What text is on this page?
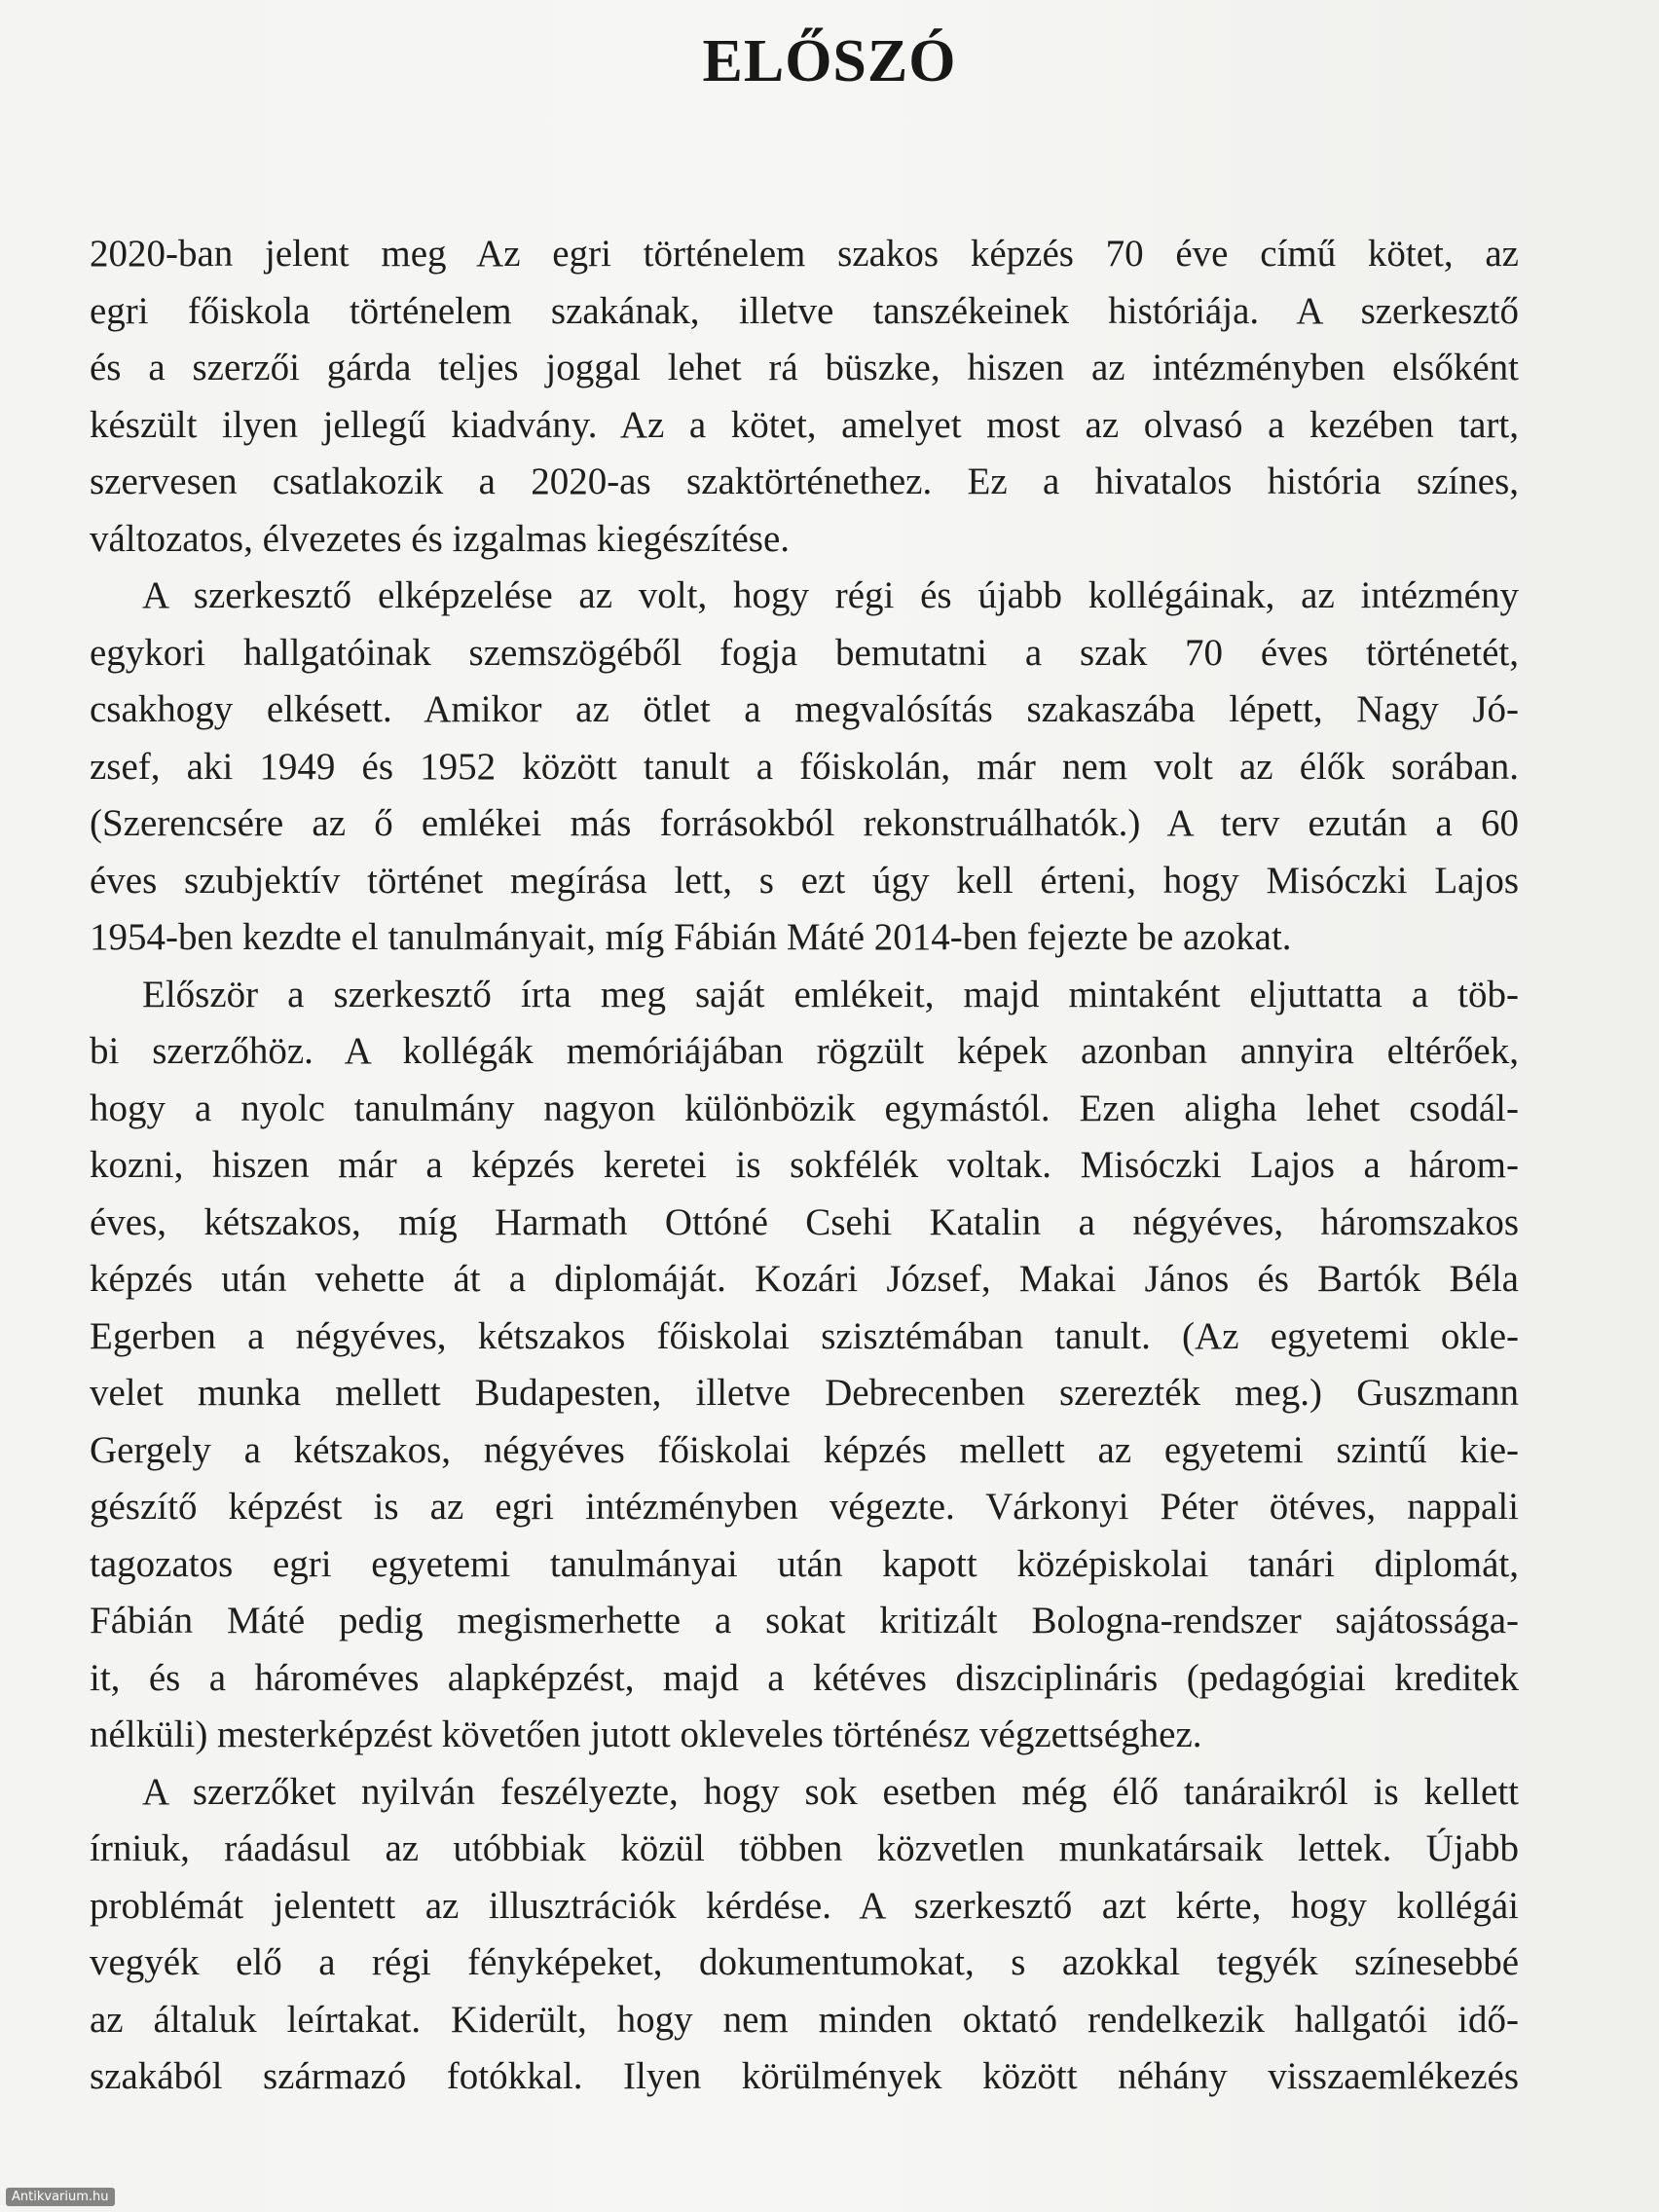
ELŐSZÓ

2020-ban jelent meg Az egri történelem szakos képzés 70 éve című kötet, az
egri főiskola történelem szakának, illetve tanszékeinek históriája. A szerkesztő
és a szerzői gárda teljes joggal lehet rá büszke, hiszen az intézményben elsőként
készült ilyen jellegű kiadvány. Az a kötet, amelyet most az olvasó a kezében tart,
szervesen csatlakozik a 2020-as szaktörténethez. Ez a hivatalos história színes,
változatos, élvezetes és izgalmas kiegészítése.

A szerkesztő elképzelése az volt, hogy régi és újabb kollégáinak, az intézmény
egykori hallgatóinak szemszögéből fogja bemutatni a szak 70 éves történetét,
csakhogy elkésett. Amikor az ötlet a megvalósítás szakaszába lépett, Nagy Jó-
zsef, aki 1949 és 1952 között tanult a főiskolán, már nem volt az élők sorában.
(Szerencsére az ő emlékei más forrásokból rekonstruálhatók.) A terv ezután a 60
éves szubjektív történet megírása lett, s ezt úgy kell érteni, hogy Misóczki Lajos
1954-ben kezdte el tanulmányait, míg Fábián Máté 2014-ben fejezte be azokat.

Először a szerkesztő írta meg saját emlékeit, majd mintaként eljuttatta a töb-
bi szerzőhöz. A kollégák memóriájában rögzült képek azonban annyira eltérőek,
hogy a nyolc tanulmány nagyon különbözik egymástól. Ezen aligha lehet csodál-
kozni, hiszen már a képzés keretei is sokfélék voltak. Misóczki Lajos a három-
éves, kétszakos, míg Harmath Ottóné Csehi Katalin a négyéves, háromszakos
képzés után vehette át a diplomáját. Kozári József, Makai János és Bartók Béla
Egerben a négyéves, kétszakos főiskolai szisztémában tanult. (Az egyetemi okle-
velet munka mellett Budapesten, illetve Debrecenben szerezték meg.) Guszmann
Gergely a kétszakos, négyéves főiskolai képzés mellett az egyetemi szintű kie-
gészítő képzést is az egri intézményben végezte. Várkonyi Péter ötéves, nappali
tagozatos egri egyetemi tanulmányai után kapott középiskolai tanári diplomát,
Fábián Máté pedig megismerhette a sokat kritizált Bologna-rendszer sajátossága-
it, és a hároméves alapképzést, majd a kétéves diszciplináris (pedagógiai kreditek
nélküli) mesterképzést követően jutott okleveles történész végzettséghez.

A szerzőket nyilván feszélyezte, hogy sok esetben még élő tanáraikról is kellett
írniuk, ráadásul az utóbbiak közül többen közvetlen munkatársaik lettek. Újabb
problémát jelentett az illusztrációk kérdése. A szerkesztő azt kérte, hogy kollégái
vegyék elő a régi fényképeket, dokumentumokat, s azokkal tegyék színesebbé
az általuk leírtakat. Kiderült, hogy nem minden oktató rendelkezik hallgatói idő-
szakából származó fotókkal. Ilyen körülmények között néhány visszaemlékezés

Antikvarium.hu
